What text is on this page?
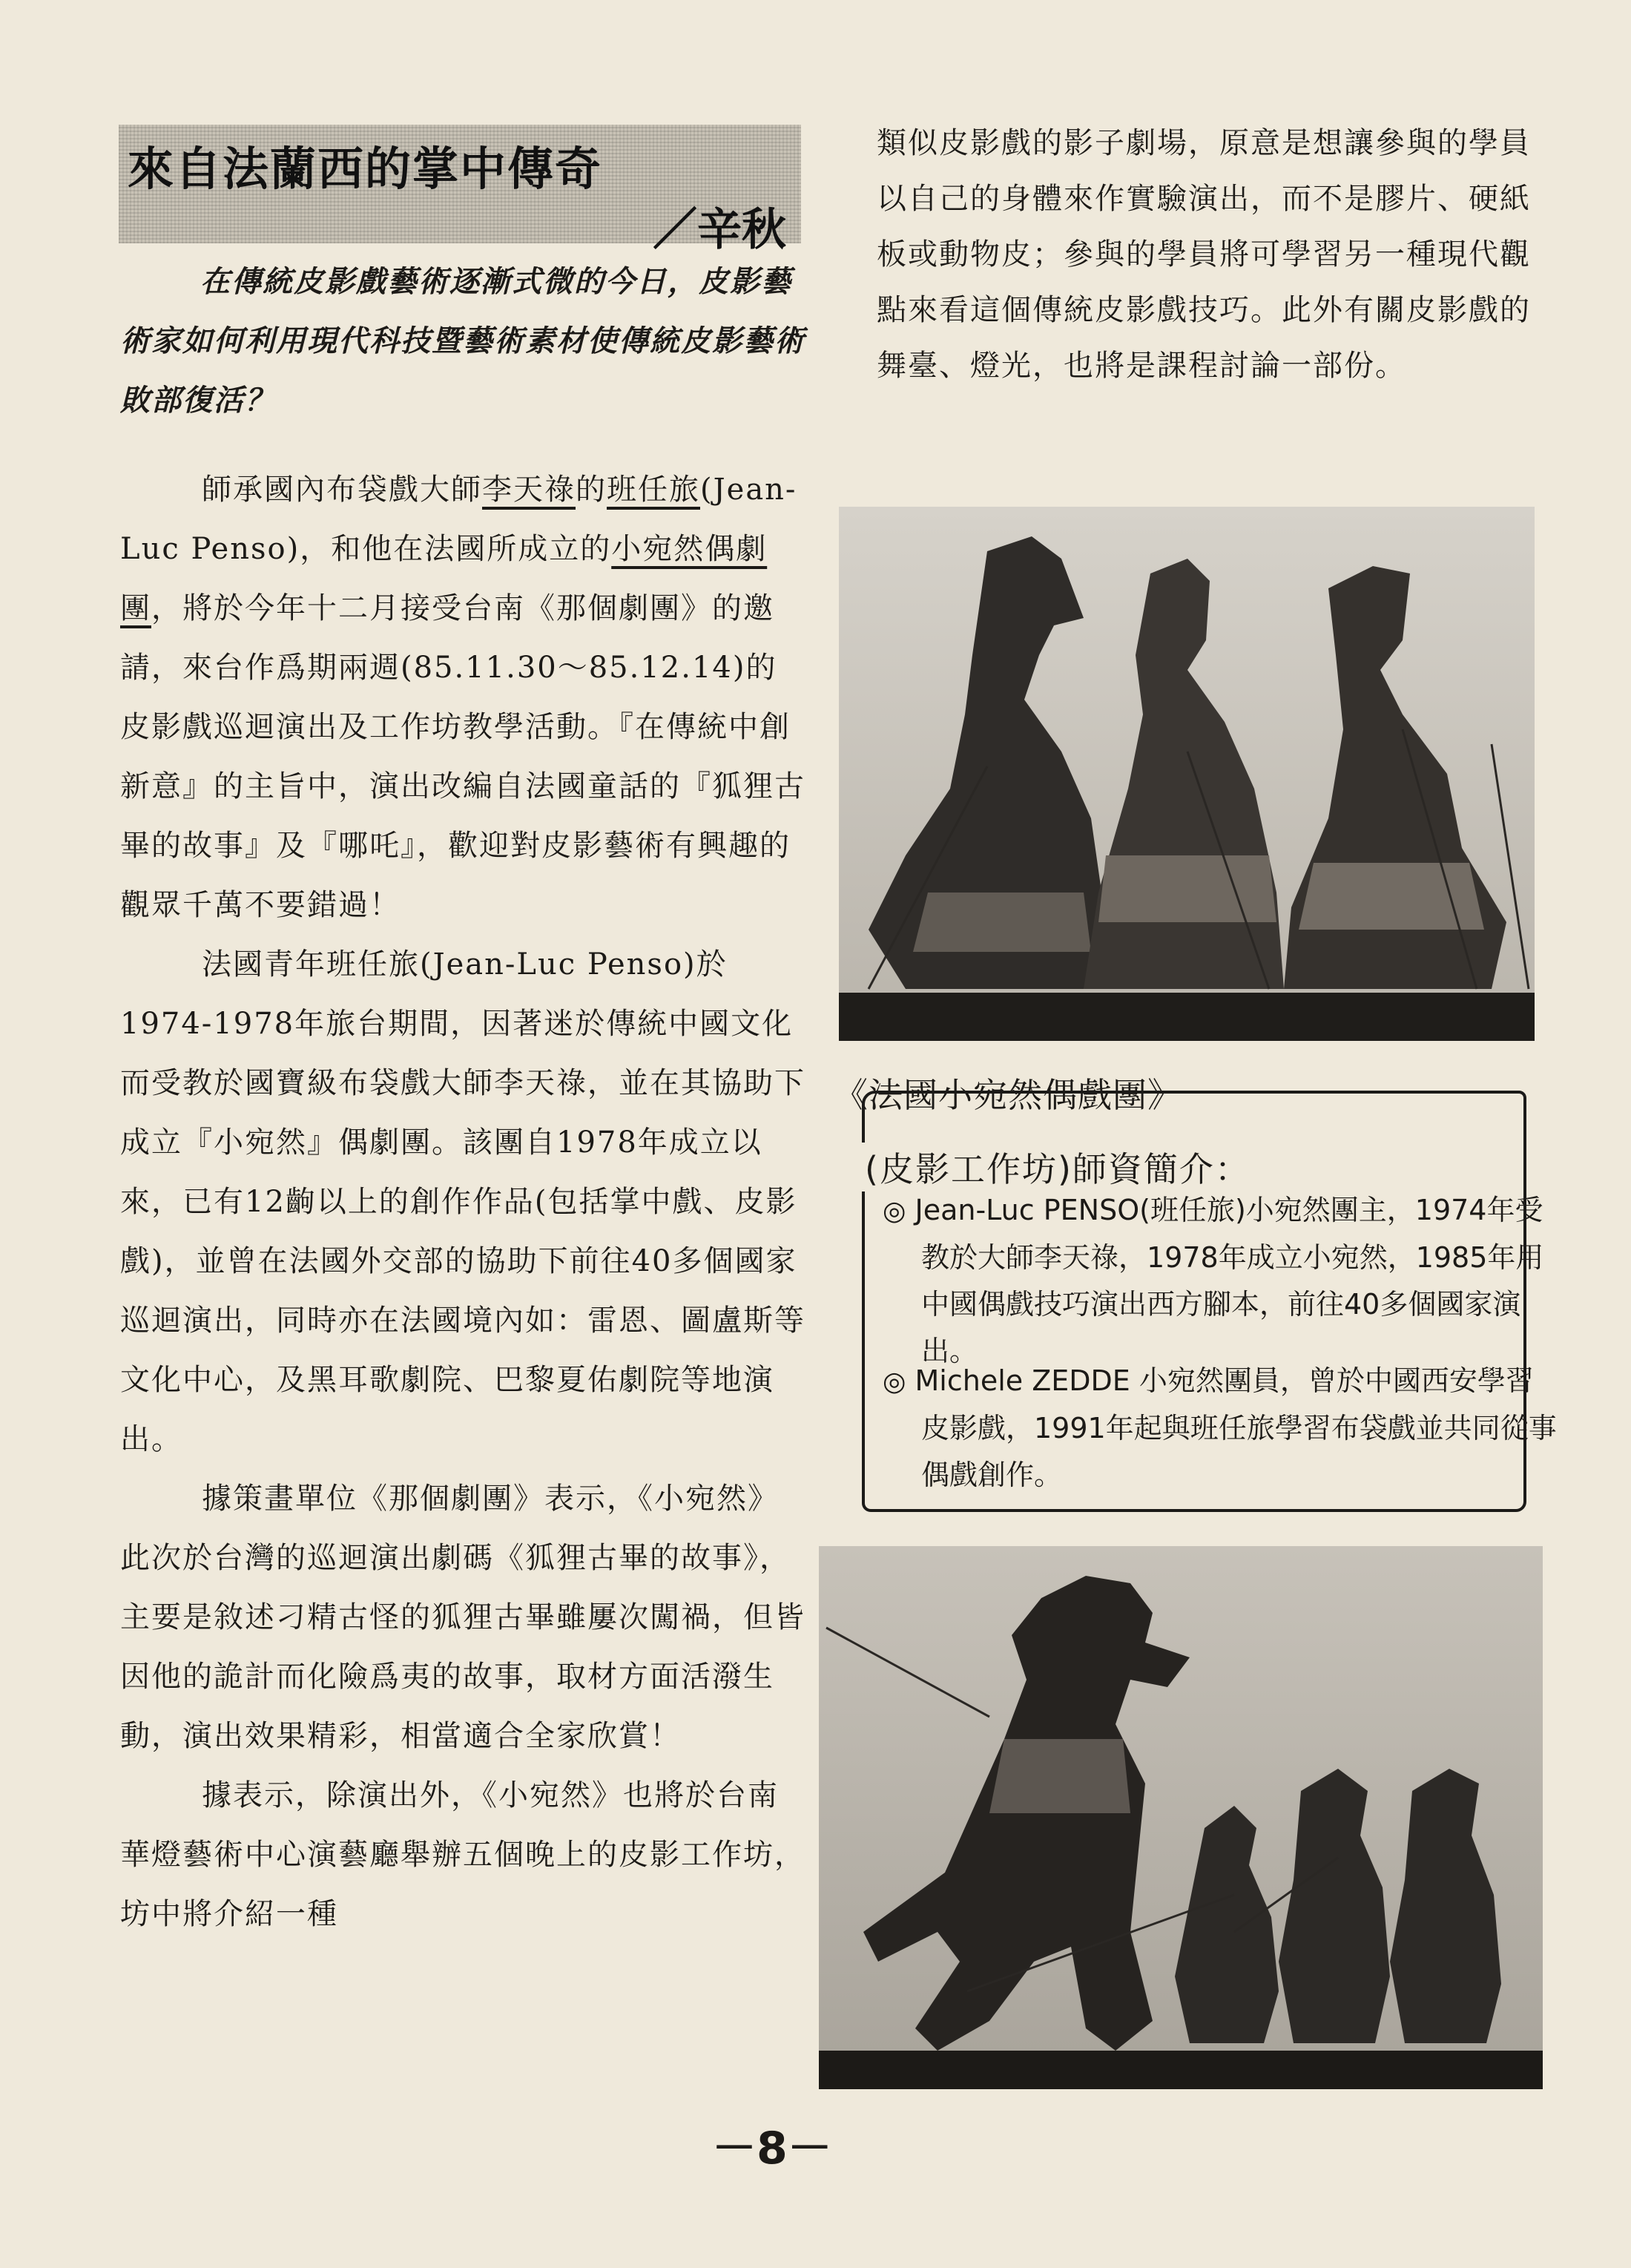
來自法蘭西的掌中傳奇
／辛秋

在傳統皮影戲藝術逐漸式微的今日，皮影藝術家如何利用現代科技暨藝術素材使傳統皮影藝術敗部復活？

師承國內布袋戲大師李天祿的班任旅(Jean-Luc Penso)，和他在法國所成立的小宛然偶劇團，將於今年十二月接受台南《那個劇團》的邀請，來台作爲期兩週(85.11.30～85.12.14)的皮影戲巡迴演出及工作坊教學活動。『在傳統中創新意』的主旨中，演出改編自法國童話的『狐狸古畢的故事』及『哪吒』，歡迎對皮影藝術有興趣的觀眾千萬不要錯過！

法國青年班任旅(Jean-Luc Penso)於1974-1978年旅台期間，因著迷於傳統中國文化而受教於國寶級布袋戲大師李天祿，並在其協助下成立『小宛然』偶劇團。該團自1978年成立以來，已有12齣以上的創作作品(包括掌中戲、皮影戲)，並曾在法國外交部的協助下前往40多個國家巡迴演出，同時亦在法國境內如：雷恩、圖盧斯等文化中心，及黑耳歌劇院、巴黎夏佑劇院等地演出。

據策畫單位《那個劇團》表示，《小宛然》此次於台灣的巡迴演出劇碼《狐狸古畢的故事》，主要是敘述刁精古怪的狐狸古畢雖屢次闖禍，但皆因他的詭計而化險爲夷的故事，取材方面活潑生動，演出效果精彩，相當適合全家欣賞！

據表示，除演出外，《小宛然》也將於台南華燈藝術中心演藝廳舉辦五個晚上的皮影工作坊，坊中將介紹一種

類似皮影戲的影子劇場，原意是想讓參與的學員以自己的身體來作實驗演出，而不是膠片、硬紙板或動物皮；參與的學員將可學習另一種現代觀點來看這個傳統皮影戲技巧。此外有關皮影戲的舞臺、燈光，也將是課程討論一部份。

《法國小宛然偶戲團》
(皮影工作坊)師資簡介：

◎ Jean-Luc PENSO(班任旅)小宛然團主，1974年受教於大師李天祿，1978年成立小宛然，1985年用中國偶戲技巧演出西方腳本，前往40多個國家演出。

◎ Michele ZEDDE 小宛然團員，曾於中國西安學習皮影戲，1991年起與班任旅學習布袋戲並共同從事偶戲創作。

－8－
